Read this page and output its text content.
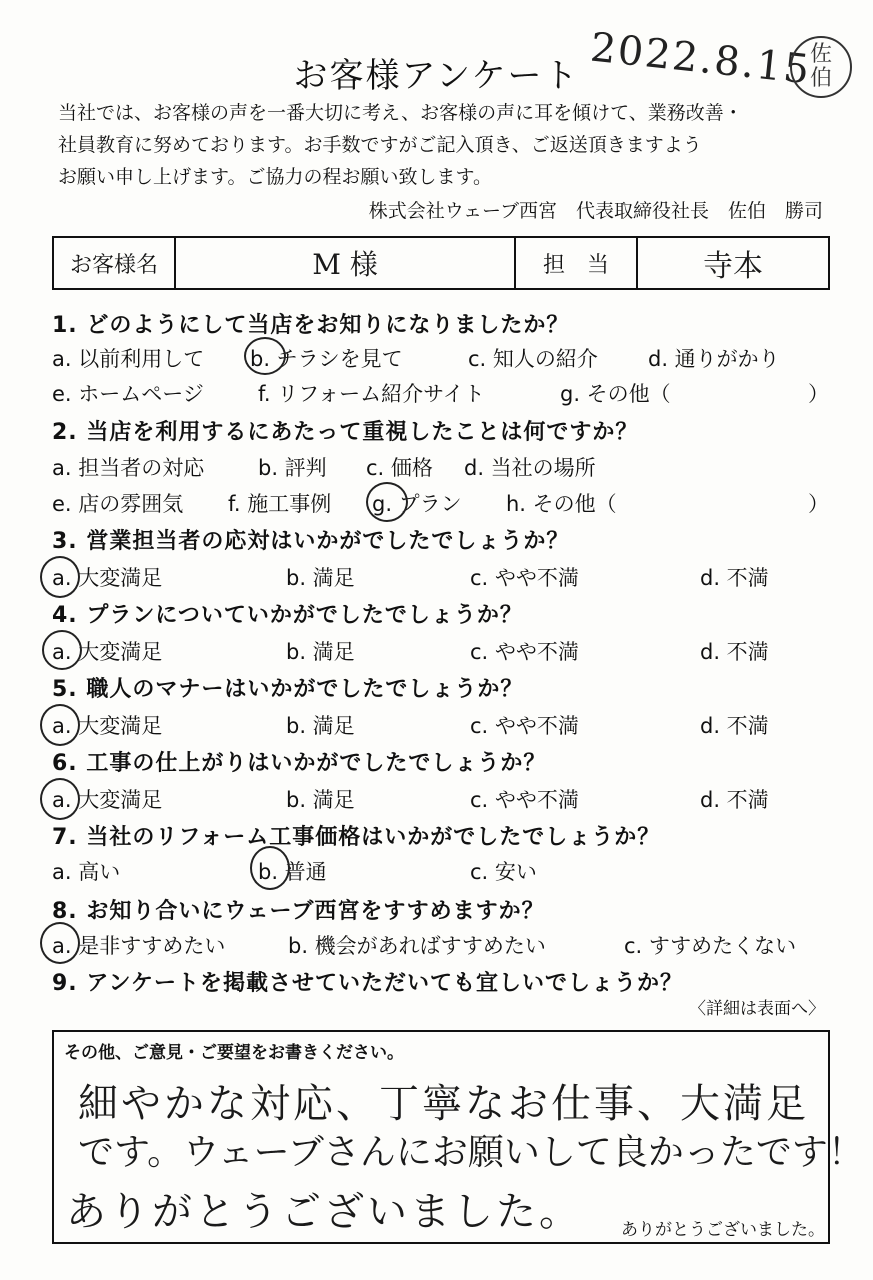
お客様アンケート 2022.8.15
佐
伯
当社では、お客様の声を一番大切に考え、お客様の声に耳を傾けて、業務改善・
社員教育に努めております。お手数ですがご記入頂き、ご返送頂きますよう
お願い申し上げます。ご協力の程お願い致します。
株式会社ウェーブ西宮　代表取締役社長　佐伯　勝司
お客様名	M 様	担　当	寺本
1. どのようにして当店をお知りになりましたか？
a. 以前利用して b. チラシを見て	c. 知人の紹介 d. 通りがかり
e. ホームページ	f. リフォーム紹介サイト	g. その他（	）
2. 当店を利用するにあたって重視したことは何ですか？
a. 担当者の対応	b. 評判 c. 価格 d. 当社の場所
e. 店の雰囲気 f. 施工事例 g. プラン h. その他（	）
3. 営業担当者の応対はいかがでしたでしょうか？
a. 大変満足	b. 満足	c. やや不満	d. 不満
4. プランについていかがでしたでしょうか？
a. 大変満足	b. 満足	c. やや不満	d. 不満
5. 職人のマナーはいかがでしたでしょうか？
a. 大変満足	b. 満足	c. やや不満	d. 不満
6. 工事の仕上がりはいかがでしたでしょうか？
a. 大変満足	b. 満足	c. やや不満	d. 不満
7. 当社のリフォーム工事価格はいかがでしたでしょうか？
a. 高い	b. 普通	c. 安い
8. お知り合いにウェーブ西宮をすすめますか？
a. 是非すすめたい	b. 機会があればすすめたい	c. すすめたくない
9. アンケートを掲載させていただいても宜しいでしょうか？
〈詳細は表面へ〉
その他、ご意見・ご要望をお書きください。
細やかな対応、丁寧なお仕事、大満足
です。ウェーブさんにお願いして良かったです！
ありがとうございました。 ありがとうございました。
